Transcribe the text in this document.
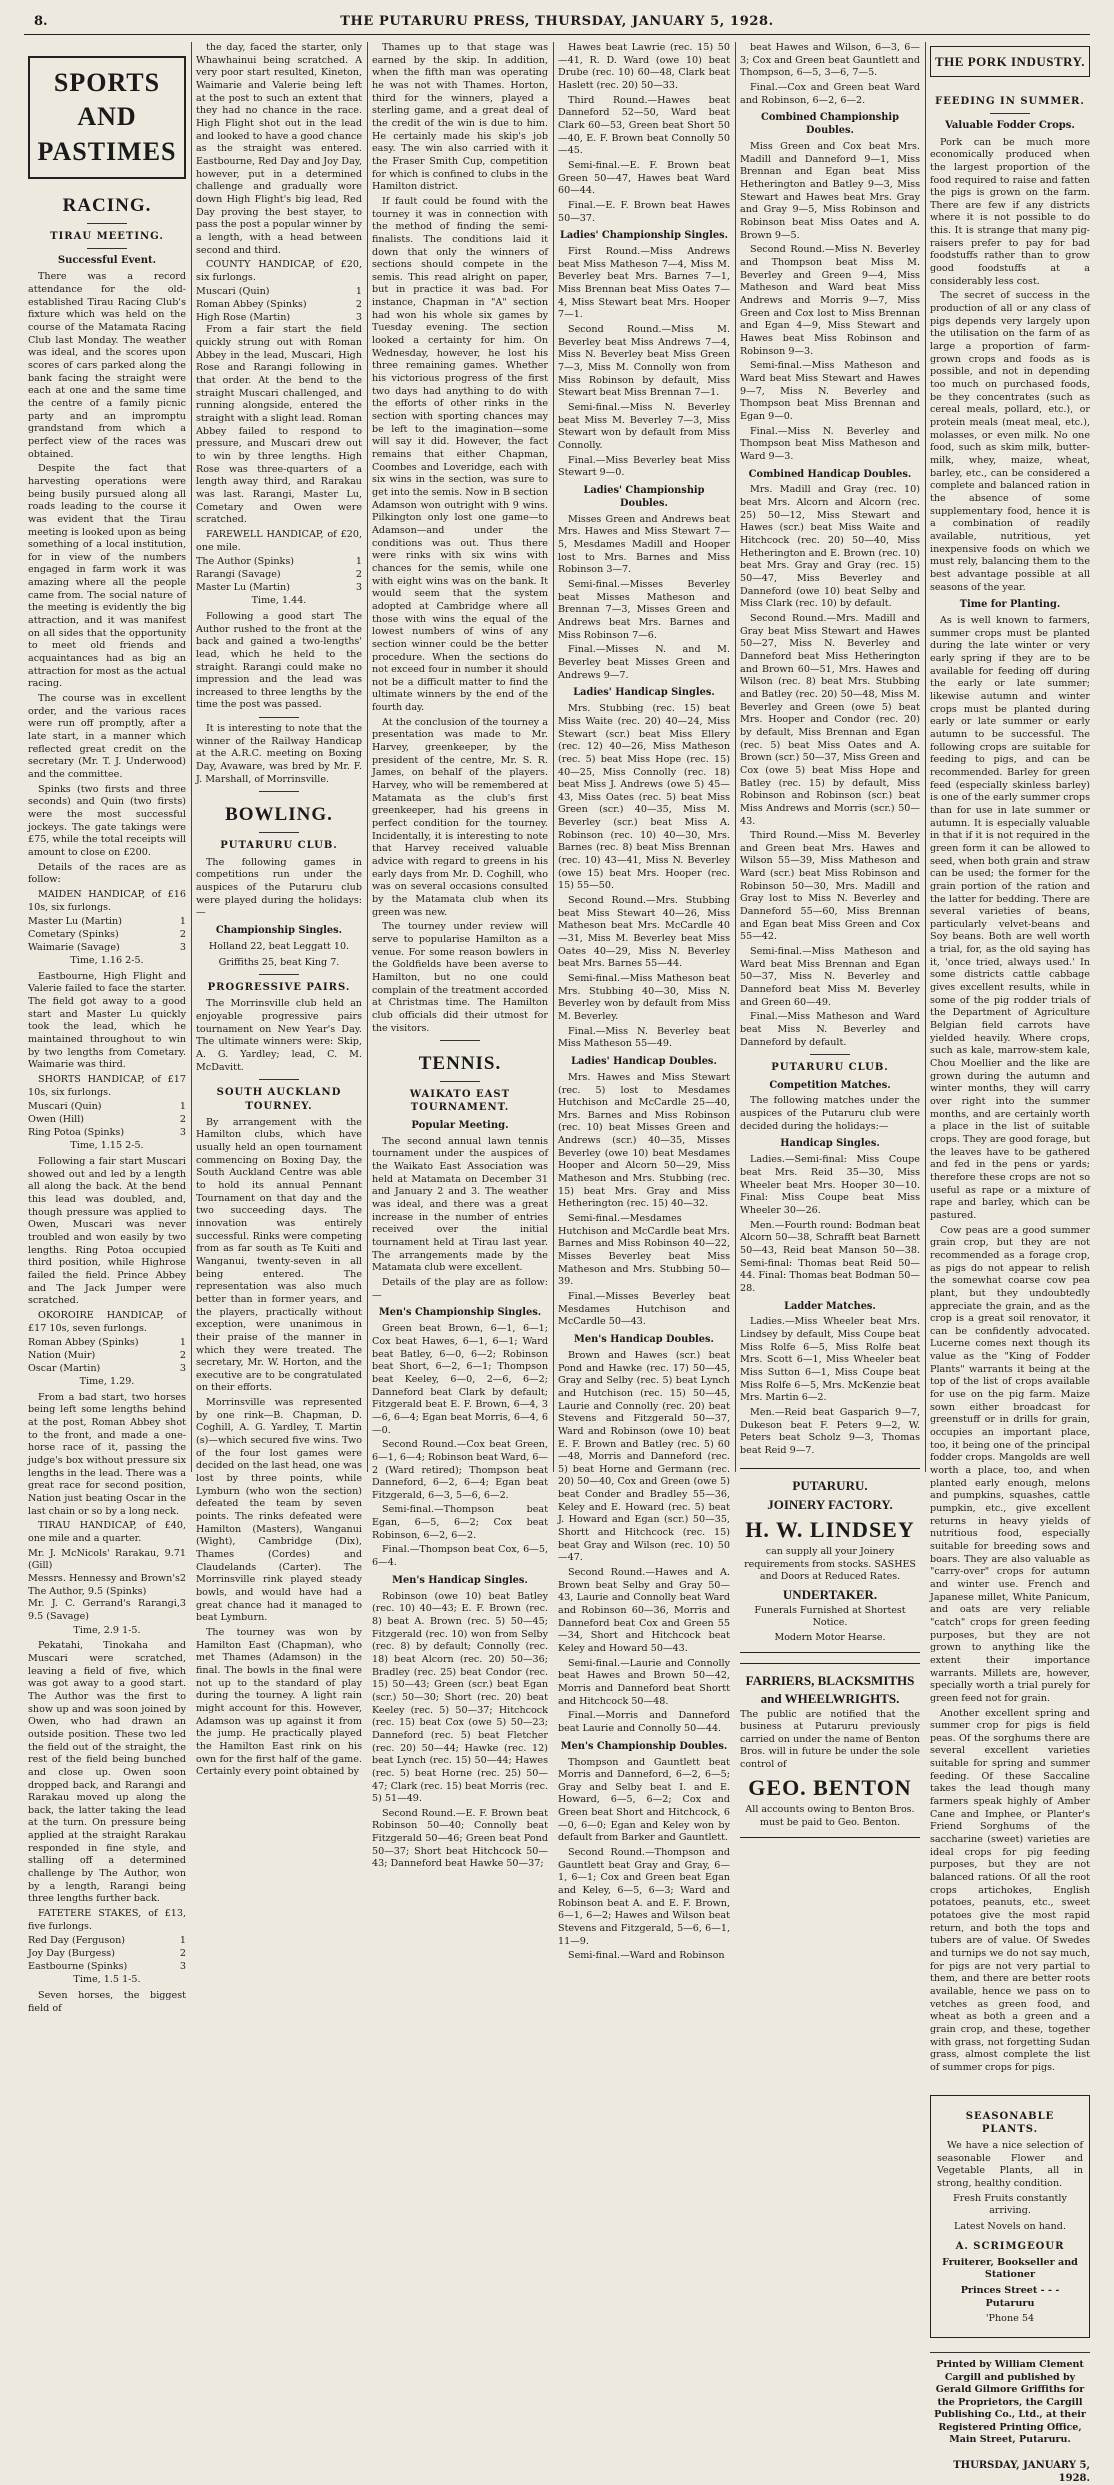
8.	THE PUTARURU PRESS, THURSDAY, JANUARY 5, 1928.
SPORTS AND PASTIMES
RACING.
TIRAU MEETING.
Successful Event.

There was a record attendance for the old-established Tirau Racing Club's fixture which was held on the course of the Matamata Racing Club last Monday. The weather was ideal, and the scores upon scores of cars parked along the bank facing the straight were each at one and the same time the centre of a family picnic party and an impromptu grandstand from which a perfect view of the races was obtained.

Despite the fact that harvesting operations were being busily pursued along all roads leading to the course it was evident that the Tirau meeting is looked upon as being something of a local institution, for in view of the numbers engaged in farm work it was amazing where all the people came from. The social nature of the meeting is evidently the big attraction, and it was manifest on all sides that the opportunity to meet old friends and acquaintances had as big an attraction for most as the actual racing.

The course was in excellent order, and the various races were run off promptly, after a late start, in a manner which reflected great credit on the secretary (Mr. T. J. Underwood) and the committee.

Spinks (two firsts and three seconds) and Quin (two firsts) were the most successful jockeys. The gate takings were £75, while the total receipts will amount to close on £200.

Details of the races are as follow:

MAIDEN HANDICAP, of £16 10s, six furlongs.

Master Lu (Martin)	1
Cometary (Spinks)	2
Waimarie (Savage)	3
Time, 1.16 2-5.

Eastbourne, High Flight and Valerie failed to face the starter. The field got away to a good start and Master Lu quickly took the lead, which he maintained throughout to win by two lengths from Cometary. Waimarie was third.

SHORTS HANDICAP, of £17 10s, six furlongs.

Muscari (Quin)	1
Owen (Hill)	2
Ring Potoa (Spinks)	3
Time, 1.15 2-5.

Following a fair start Muscari showed out and led by a length all along the back. At the bend this lead was doubled, and, though pressure was applied to Owen, Muscari was never troubled and won easily by two lengths. Ring Potoa occupied third position, while Highrose failed the field. Prince Abbey and The Jack Jumper were scratched.

OKOROIRE HANDICAP, of £17 10s, seven furlongs.

Roman Abbey (Spinks)	1
Nation (Muir)	2
Oscar (Martin)	3
Time, 1.29.

From a bad start, two horses being left some lengths behind at the post, Roman Abbey shot to the front, and made a one-horse race of it, passing the judge's box without pressure six lengths in the lead. There was a great race for second position, Nation just beating Oscar in the last chain or so by a long neck.

TIRAU HANDICAP, of £40, one mile and a quarter.

Mr. J. McNicols' Rarakau, 9.7 (Gill)
1
Messrs. Hennessy and Brown's The Author, 9.5 (Spinks)
2
Mr. J. C. Gerrand's Rarangi, 9.5 (Savage)
3
Time, 2.9 1-5.

Pekatahi, Tinokaha and Muscari were scratched, leaving a field of five, which was got away to a good start. The Author was the first to show up and was soon joined by Owen, who had drawn an outside position. These two led the field out of the straight, the rest of the field being bunched and close up. Owen soon dropped back, and Rarangi and Rarakau moved up along the back, the latter taking the lead at the turn. On pressure being applied at the straight Rarakau responded in fine style, and stalling off a determined challenge by The Author, won by a length, Rarangi being three lengths further back.

FATETERE STAKES, of £13, five furlongs.

Red Day (Ferguson)	1
Joy Day (Burgess)	2
Eastbourne (Spinks)	3
Time, 1.5 1-5.

Seven horses, the biggest field of

the day, faced the starter, only Whawhainui being scratched. A very poor start resulted, Kineton, Waimarie and Valerie being left at the post to such an extent that they had no chance in the race. High Flight shot out in the lead and looked to have a good chance as the straight was entered. Eastbourne, Red Day and Joy Day, however, put in a determined challenge and gradually wore down High Flight's big lead, Red Day proving the best stayer, to pass the post a popular winner by a length, with a head between second and third.

COUNTY HANDICAP, of £20, six furlongs.

Muscari (Quin)	1
Roman Abbey (Spinks)	2
High Rose (Martin)	3

From a fair start the field quickly strung out with Roman Abbey in the lead, Muscari, High Rose and Rarangi following in that order. At the bend to the straight Muscari challenged, and running alongside, entered the straight with a slight lead. Roman Abbey failed to respond to pressure, and Muscari drew out to win by three lengths. High Rose was three-quarters of a length away third, and Rarakau was last. Rarangi, Master Lu, Cometary and Owen were scratched.

FAREWELL HANDICAP, of £20, one mile.

The Author (Spinks)	1
Rarangi (Savage)	2
Master Lu (Martin)	3
Time, 1.44.

Following a good start The Author rushed to the front at the back and gained a two-lengths' lead, which he held to the straight. Rarangi could make no impression and the lead was increased to three lengths by the time the post was passed.

It is interesting to note that the winner of the Railway Handicap at the A.R.C. meeting on Boxing Day, Avaware, was bred by Mr. F. J. Marshall, of Morrinsville.

BOWLING.
PUTARURU CLUB.

The following games in competitions run under the auspices of the Putaruru club were played during the holidays:—

Championship Singles.
Holland 22, beat Leggatt 10.
Griffiths 25, beat King 7.
PROGRESSIVE PAIRS.

The Morrinsville club held an enjoyable progressive pairs tournament on New Year's Day. The ultimate winners were: Skip, A. G. Yardley; lead, C. M. McDavitt.

SOUTH AUCKLAND TOURNEY.

By arrangement with the Hamilton clubs, which have usually held an open tournament commencing on Boxing Day, the South Auckland Centre was able to hold its annual Pennant Tournament on that day and the two succeeding days. The innovation was entirely successful. Rinks were competing from as far south as Te Kuiti and Wanganui, twenty-seven in all being entered. The representation was also much better than in former years, and the players, practically without exception, were unanimous in their praise of the manner in which they were treated. The secretary, Mr. W. Horton, and the executive are to be congratulated on their efforts.

Morrinsville was represented by one rink—B. Chapman, D. Coghill, A. G. Yardley, T. Martin (s)—which secured five wins. Two of the four lost games were decided on the last head, one was lost by three points, while Lymburn (who won the section) defeated the team by seven points. The rinks defeated were Hamilton (Masters), Wanganui (Wight), Cambridge (Dix), Thames (Cordes) and Claudelands (Carter). The Morrinsville rink played steady bowls, and would have had a great chance had it managed to beat Lymburn.

The tourney was won by Hamilton East (Chapman), who met Thames (Adamson) in the final. The bowls in the final were not up to the standard of play during the tourney. A light rain might account for this. However, Adamson was up against it from the jump. He practically played the Hamilton East rink on his own for the first half of the game. Certainly every point obtained by

Thames up to that stage was earned by the skip. In addition, when the fifth man was operating he was not with Thames. Horton, third for the winners, played a sterling game, and a great deal of the credit of the win is due to him. He certainly made his skip's job easy. The win also carried with it the Fraser Smith Cup, competition for which is confined to clubs in the Hamilton district.

If fault could be found with the tourney it was in connection with the method of finding the semi-finalists. The conditions laid it down that only the winners of sections should compete in the semis. This read alright on paper, but in practice it was bad. For instance, Chapman in "A" section had won his whole six games by Tuesday evening. The section looked a certainty for him. On Wednesday, however, he lost his three remaining games. Whether his victorious progress of the first two days had anything to do with the efforts of other rinks in the section with sporting chances may be left to the imagination—some will say it did. However, the fact remains that either Chapman, Coombes and Loveridge, each with six wins in the section, was sure to get into the semis. Now in B section Adamson won outright with 9 wins. Pilkington only lost one game—to Adamson—and under the conditions was out. Thus there were rinks with six wins with chances for the semis, while one with eight wins was on the bank. It would seem that the system adopted at Cambridge where all those with wins the equal of the lowest numbers of wins of any section winner could be the better procedure. When the sections do not exceed four in number it should not be a difficult matter to find the ultimate winners by the end of the fourth day.

At the conclusion of the tourney a presentation was made to Mr. Harvey, greenkeeper, by the president of the centre, Mr. S. R. James, on behalf of the players. Harvey, who will be remembered at Matamata as the club's first greenkeeper, had his greens in perfect condition for the tourney. Incidentally, it is interesting to note that Harvey received valuable advice with regard to greens in his early days from Mr. D. Coghill, who was on several occasions consulted by the Matamata club when its green was new.

The tourney under review will serve to popularise Hamilton as a venue. For some reason bowlers in the Goldfields have been averse to Hamilton, but no one could complain of the treatment accorded at Christmas time. The Hamilton club officials did their utmost for the visitors.

TENNIS.
WAIKATO EAST TOURNAMENT.
Popular Meeting.

The second annual lawn tennis tournament under the auspices of the Waikato East Association was held at Matamata on December 31 and January 2 and 3. The weather was ideal, and there was a great increase in the number of entries received over the initial tournament held at Tirau last year. The arrangements made by the Matamata club were excellent.

Details of the play are as follow:—

Men's Championship Singles.

Green beat Brown, 6—1, 6—1; Cox beat Hawes, 6—1, 6—1; Ward beat Batley, 6—0, 6—2; Robinson beat Short, 6—2, 6—1; Thompson beat Keeley, 6—0, 2—6, 6—2; Danneford beat Clark by default; Fitzgerald beat E. F. Brown, 6—4, 3—6, 6—4; Egan beat Morris, 6—4, 6—0.

Second Round.—Cox beat Green, 6—1, 6—4; Robinson beat Ward, 6—2 (Ward retired); Thompson beat Danneford, 6—2, 6—4; Egan beat Fitzgerald, 6—3, 5—6, 6—2.

Semi-final.—Thompson beat Egan, 6—5, 6—2; Cox beat Robinson, 6—2, 6—2.

Final.—Thompson beat Cox, 6—5, 6—4.

Men's Handicap Singles.

Robinson (owe 10) beat Batley (rec. 10) 40—43; E. F. Brown (rec. 8) beat A. Brown (rec. 5) 50—45; Fitzgerald (rec. 10) won from Selby (rec. 8) by default; Connolly (rec. 18) beat Alcorn (rec. 20) 50—36; Bradley (rec. 25) beat Condor (rec. 15) 50—43; Green (scr.) beat Egan (scr.) 50—30; Short (rec. 20) beat Keeley (rec. 5) 50—37; Hitchcock (rec. 15) beat Cox (owe 5) 50—23; Danneford (rec. 5) beat Fletcher (rec. 20) 50—44; Hawke (rec. 12) beat Lynch (rec. 15) 50—44; Hawes (rec. 5) beat Horne (rec. 25) 50—47; Clark (rec. 15) beat Morris (rec. 5) 51—49.

Second Round.—E. F. Brown beat Robinson 50—40; Connolly beat Fitzgerald 50—46; Green beat Pond 50—37; Short beat Hitchcock 50—43; Danneford beat Hawke 50—37;

Hawes beat Lawrie (rec. 15) 50—41, R. D. Ward (owe 10) beat Drube (rec. 10) 60—48, Clark beat Haslett (rec. 20) 50—33.

Third Round.—Hawes beat Danneford 52—50, Ward beat Clark 60—53, Green beat Short 50—40, E. F. Brown beat Connolly 50—45.

Semi-final.—E. F. Brown beat Green 50—47, Hawes beat Ward 60—44.

Final.—E. F. Brown beat Hawes 50—37.

Ladies' Championship Singles.

First Round.—Miss Andrews beat Miss Matheson 7—4, Miss M. Beverley beat Mrs. Barnes 7—1, Miss Brennan beat Miss Oates 7—4, Miss Stewart beat Mrs. Hooper 7—1.

Second Round.—Miss M. Beverley beat Miss Andrews 7—4, Miss N. Beverley beat Miss Green 7—3, Miss M. Connolly won from Miss Robinson by default, Miss Stewart beat Miss Brennan 7—1.

Semi-final.—Miss N. Beverley beat Miss M. Beverley 7—3, Miss Stewart won by default from Miss Connolly.

Final.—Miss Beverley beat Miss Stewart 9—0.

Ladies' Championship Doubles.

Misses Green and Andrews beat Mrs. Hawes and Miss Stewart 7—5, Mesdames Madill and Hooper lost to Mrs. Barnes and Miss Robinson 3—7.

Semi-final.—Misses Beverley beat Misses Matheson and Brennan 7—3, Misses Green and Andrews beat Mrs. Barnes and Miss Robinson 7—6.

Final.—Misses N. and M. Beverley beat Misses Green and Andrews 9—7.

Ladies' Handicap Singles.

Mrs. Stubbing (rec. 15) beat Miss Waite (rec. 20) 40—24, Miss Stewart (scr.) beat Miss Ellery (rec. 12) 40—26, Miss Matheson (rec. 5) beat Miss Hope (rec. 15) 40—25, Miss Connolly (rec. 18) beat Miss J. Andrews (owe 5) 45—43, Miss Oates (rec. 5) beat Miss Green (scr.) 40—35, Miss M. Beverley (scr.) beat Miss A. Robinson (rec. 10) 40—30, Mrs. Barnes (rec. 8) beat Miss Brennan (rec. 10) 43—41, Miss N. Beverley (owe 15) beat Mrs. Hooper (rec. 15) 55—50.

Second Round.—Mrs. Stubbing beat Miss Stewart 40—26, Miss Matheson beat Mrs. McCardle 40—31, Miss M. Beverley beat Miss Oates 40—29, Miss N. Beverley beat Mrs. Barnes 55—44.

Semi-final.—Miss Matheson beat Mrs. Stubbing 40—30, Miss N. Beverley won by default from Miss M. Beverley.

Final.—Miss N. Beverley beat Miss Matheson 55—49.

Ladies' Handicap Doubles.

Mrs. Hawes and Miss Stewart (rec. 5) lost to Mesdames Hutchison and McCardle 25—40, Mrs. Barnes and Miss Robinson (rec. 10) beat Misses Green and Andrews (scr.) 40—35, Misses Beverley (owe 10) beat Mesdames Hooper and Alcorn 50—29, Miss Matheson and Mrs. Stubbing (rec. 15) beat Mrs. Gray and Miss Hetherington (rec. 15) 40—32.

Semi-final.—Mesdames Hutchison and McCardle beat Mrs. Barnes and Miss Robinson 40—22, Misses Beverley beat Miss Matheson and Mrs. Stubbing 50—39.

Final.—Misses Beverley beat Mesdames Hutchison and McCardle 50—43.

Men's Handicap Doubles.

Brown and Hawes (scr.) beat Pond and Hawke (rec. 17) 50—45, Gray and Selby (rec. 5) beat Lynch and Hutchison (rec. 15) 50—45, Laurie and Connolly (rec. 20) beat Stevens and Fitzgerald 50—37, Ward and Robinson (owe 10) beat E. F. Brown and Batley (rec. 5) 60—48, Morris and Danneford (rec. 5) beat Horne and Germann (rec. 20) 50—40, Cox and Green (owe 5) beat Conder and Bradley 55—36, Keley and E. Howard (rec. 5) beat J. Howard and Egan (scr.) 50—35, Shortt and Hitchcock (rec. 15) beat Gray and Wilson (rec. 10) 50—47.

Second Round.—Hawes and A. Brown beat Selby and Gray 50—43, Laurie and Connolly beat Ward and Robinson 60—36, Morris and Danneford beat Cox and Green 55—34, Short and Hitchcock beat Keley and Howard 50—43.

Semi-final.—Laurie and Connolly beat Hawes and Brown 50—42, Morris and Danneford beat Shortt and Hitchcock 50—48.

Final.—Morris and Danneford beat Laurie and Connolly 50—44.

Men's Championship Doubles.

Thompson and Gauntlett beat Morris and Danneford, 6—2, 6—5; Gray and Selby beat I. and E. Howard, 6—5, 6—2; Cox and Green beat Short and Hitchcock, 6—0, 6—0; Egan and Keley won by default from Barker and Gauntlett.

Second Round.—Thompson and Gauntlett beat Gray and Gray, 6—1, 6—1; Cox and Green beat Egan and Keley, 6—5, 6—3; Ward and Robinson beat A. and E. F. Brown, 6—1, 6—2; Hawes and Wilson beat Stevens and Fitzgerald, 5—6, 6—1, 11—9.

Semi-final.—Ward and Robinson

beat Hawes and Wilson, 6—3, 6—3; Cox and Green beat Gauntlett and Thompson, 6—5, 3—6, 7—5.

Final.—Cox and Green beat Ward and Robinson, 6—2, 6—2.

Combined Championship Doubles.

Miss Green and Cox beat Mrs. Madill and Danneford 9—1, Miss Brennan and Egan beat Miss Hetherington and Batley 9—3, Miss Stewart and Hawes beat Mrs. Gray and Gray 9—5, Miss Robinson and Robinson beat Miss Oates and A. Brown 9—5.

Second Round.—Miss N. Beverley and Thompson beat Miss M. Beverley and Green 9—4, Miss Matheson and Ward beat Miss Andrews and Morris 9—7, Miss Green and Cox lost to Miss Brennan and Egan 4—9, Miss Stewart and Hawes beat Miss Robinson and Robinson 9—3.

Semi-final.—Miss Matheson and Ward beat Miss Stewart and Hawes 9—7, Miss N. Beverley and Thompson beat Miss Brennan and Egan 9—0.

Final.—Miss N. Beverley and Thompson beat Miss Matheson and Ward 9—3.

Combined Handicap Doubles.

Mrs. Madill and Gray (rec. 10) beat Mrs. Alcorn and Alcorn (rec. 25) 50—12, Miss Stewart and Hawes (scr.) beat Miss Waite and Hitchcock (rec. 20) 50—40, Miss Hetherington and E. Brown (rec. 10) beat Mrs. Gray and Gray (rec. 15) 50—47, Miss Beverley and Danneford (owe 10) beat Selby and Miss Clark (rec. 10) by default.

Second Round.—Mrs. Madill and Gray beat Miss Stewart and Hawes 50—27, Miss N. Beverley and Danneford beat Miss Hetherington and Brown 60—51, Mrs. Hawes and Wilson (rec. 8) beat Mrs. Stubbing and Batley (rec. 20) 50—48, Miss M. Beverley and Green (owe 5) beat Mrs. Hooper and Condor (rec. 20) by default, Miss Brennan and Egan (rec. 5) beat Miss Oates and A. Brown (scr.) 50—37, Miss Green and Cox (owe 5) beat Miss Hope and Batley (rec. 15) by default, Miss Robinson and Robinson (scr.) beat Miss Andrews and Morris (scr.) 50—43.

Third Round.—Miss M. Beverley and Green beat Mrs. Hawes and Wilson 55—39, Miss Matheson and Ward (scr.) beat Miss Robinson and Robinson 50—30, Mrs. Madill and Gray lost to Miss N. Beverley and Danneford 55—60, Miss Brennan and Egan beat Miss Green and Cox 55—42.

Semi-final.—Miss Matheson and Ward beat Miss Brennan and Egan 50—37, Miss N. Beverley and Danneford beat Miss M. Beverley and Green 60—49.

Final.—Miss Matheson and Ward beat Miss N. Beverley and Danneford by default.

PUTARURU CLUB.
Competition Matches.

The following matches under the auspices of the Putaruru club were decided during the holidays:—

Handicap Singles.

Ladies.—Semi-final: Miss Coupe beat Mrs. Reid 35—30, Miss Wheeler beat Mrs. Hooper 30—10. Final: Miss Coupe beat Miss Wheeler 30—26.

Men.—Fourth round: Bodman beat Alcorn 50—38, Schrafft beat Barnett 50—43, Reid beat Manson 50—38. Semi-final: Thomas beat Reid 50—44. Final: Thomas beat Bodman 50—28.

Ladder Matches.

Ladies.—Miss Wheeler beat Mrs. Lindsey by default, Miss Coupe beat Miss Rolfe 6—5, Miss Rolfe beat Mrs. Scott 6—1, Miss Wheeler beat Miss Sutton 6—1, Miss Coupe beat Miss Rolfe 6—5, Mrs. McKenzie beat Mrs. Martin 6—2.

Men.—Reid beat Gasparich 9—7, Dukeson beat F. Peters 9—2, W. Peters beat Scholz 9—3, Thomas beat Reid 9—7.

PUTARURU.
JOINERY FACTORY.
H. W. LINDSEY
can supply all your Joinery requirements from stocks. SASHES and Doors at Reduced Rates.
UNDERTAKER.
Funerals Furnished at Shortest Notice.
Modern Motor Hearse.
FARRIERS, BLACKSMITHS and WHEELWRIGHTS.
The public are notified that the business at Putaruru previously carried on under the name of Benton Bros. will in future be under the sole control of
GEO. BENTON
All accounts owing to Benton Bros. must be paid to Geo. Benton.
THE PORK INDUSTRY.
FEEDING IN SUMMER.
Valuable Fodder Crops.

Pork can be much more economically produced when the largest proportion of the food required to raise and fatten the pigs is grown on the farm. There are few if any districts where it is not possible to do this. It is strange that many pig-raisers prefer to pay for bad foodstuffs rather than to grow good foodstuffs at a considerably less cost.

The secret of success in the production of all or any class of pigs depends very largely upon the utilisation on the farm of as large a proportion of farm-grown crops and foods as is possible, and not in depending too much on purchased foods, be they concentrates (such as cereal meals, pollard, etc.), or protein meals (meat meal, etc.), molasses, or even milk. No one food, such as skim milk, butter-milk, whey, maize, wheat, barley, etc., can be considered a complete and balanced ration in the absence of some supplementary food, hence it is a combination of readily available, nutritious, yet inexpensive foods on which we must rely, balancing them to the best advantage possible at all seasons of the year.

Time for Planting.

As is well known to farmers, summer crops must be planted during the late winter or very early spring if they are to be available for feeding off during the early or late summer; likewise autumn and winter crops must be planted during early or late summer or early autumn to be successful. The following crops are suitable for feeding to pigs, and can be recommended. Barley for green feed (especially skinless barley) is one of the early summer crops than for use in late summer or autumn. It is especially valuable in that if it is not required in the green form it can be allowed to seed, when both grain and straw can be used; the former for the grain portion of the ration and the latter for bedding. There are several varieties of beans, particularly velvet-beans and Soy beans. Both are well worth a trial, for, as the old saying has it, 'once tried, always used.' In some districts cattle cabbage gives excellent results, while in some of the pig rodder trials of the Department of Agriculture Belgian field carrots have yielded heavily. Where crops, such as kale, marrow-stem kale, Chou Moellier and the like are grown during the autumn and winter months, they will carry over right into the summer months, and are certainly worth a place in the list of suitable crops. They are good forage, but the leaves have to be gathered and fed in the pens or yards; therefore these crops are not so useful as rape or a mixture of rape and barley, which can be pastured.

Cow peas are a good summer grain crop, but they are not recommended as a forage crop, as pigs do not appear to relish the somewhat coarse cow pea plant, but they undoubtedly appreciate the grain, and as the crop is a great soil renovator, it can be confidently advocated. Lucerne comes next though its value as the "King of Fodder Plants" warrants it being at the top of the list of crops available for use on the pig farm. Maize sown either broadcast for greenstuff or in drills for grain, occupies an important place, too, it being one of the principal fodder crops. Mangolds are well worth a place, too, and when planted early enough, melons and pumpkins, squashes, cattle pumpkin, etc., give excellent returns in heavy yields of nutritious food, especially suitable for breeding sows and boars. They are also valuable as "carry-over" crops for autumn and winter use. French and Japanese millet, White Panicum, and oats are very reliable "catch" crops for green feeding purposes, but they are not grown to anything like the extent their importance warrants. Millets are, however, specially worth a trial purely for green feed not for grain.

Another excellent spring and summer crop for pigs is field peas. Of the sorghums there are several excellent varieties suitable for spring and summer feeding. Of these Saccaline takes the lead though many farmers speak highly of Amber Cane and Imphee, or Planter's Friend Sorghums of the saccharine (sweet) varieties are ideal crops for pig feeding purposes, but they are not balanced rations. Of all the root crops artichokes, English potatoes, peanuts, etc., sweet potatoes give the most rapid return, and both the tops and tubers are of value. Of Swedes and turnips we do not say much, for pigs are not very partial to them, and there are better roots available, hence we pass on to vetches as green food, and wheat as both a green and a grain crop, and these, together with grass, not forgetting Sudan grass, almost complete the list of summer crops for pigs.

SEASONABLE PLANTS.

We have a nice selection of seasonable Flower and Vegetable Plants, all in strong, healthy condition.

Fresh Fruits constantly arriving.
Latest Novels on hand.
A. SCRIMGEOUR
Fruiterer, Bookseller and Stationer
Princes Street - - - Putaruru
'Phone 54
Printed by William Clement Cargill and published by Gerald Gilmore Griffiths for the Proprietors, the Cargill Publishing Co., Ltd., at their Registered Printing Office, Main Street, Putaruru.
THURSDAY, JANUARY 5, 1928.
